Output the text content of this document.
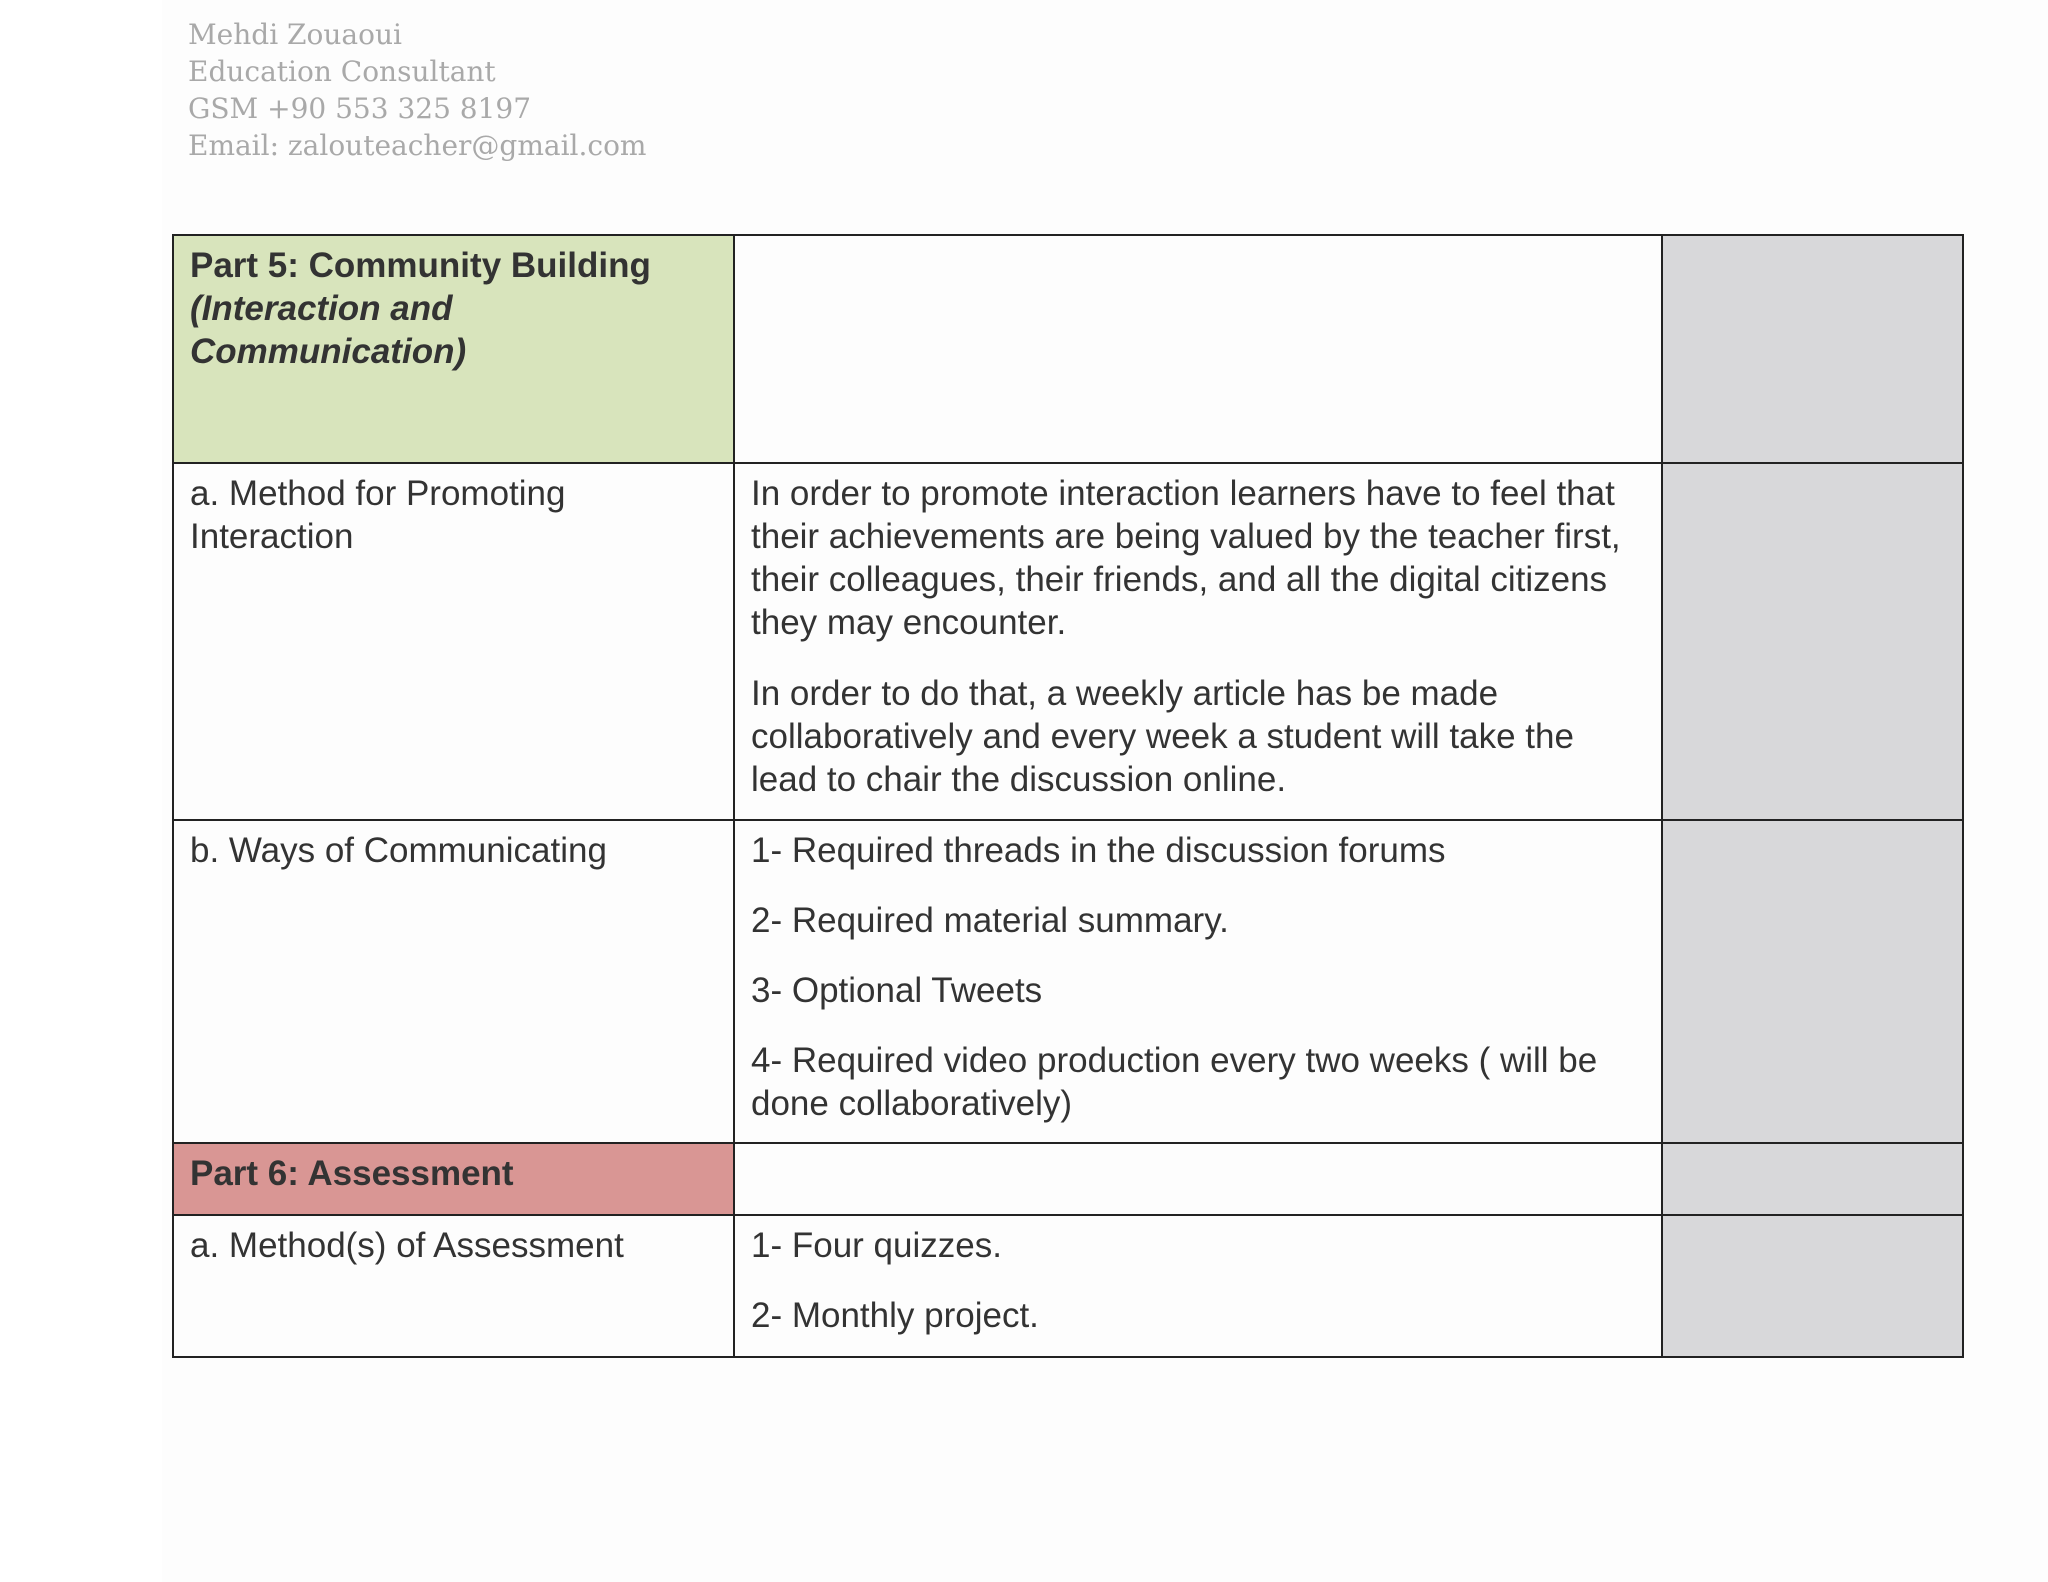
Mehdi Zouaoui
Education Consultant
GSM +90 553 325 8197
Email: zalouteacher@gmail.com
Part 5: Community Building
(Interaction and Communication)		

a. Method for Promoting Interaction	In order to promote interaction learners have to feel that their achievements are being valued by the teacher first, their colleagues, their friends, and all the digital citizens they may encounter.

In order to do that, a weekly article has be made collaboratively and every week a student will take the lead to chair the discussion online.	

b. Ways of Communicating	1- Required threads in the discussion forums

2- Required material summary.

3- Optional Tweets

4- Required video production every two weeks ( will be done collaboratively)	

Part 6: Assessment		

a. Method(s) of Assessment	1- Four quizzes.

2- Monthly project.	
